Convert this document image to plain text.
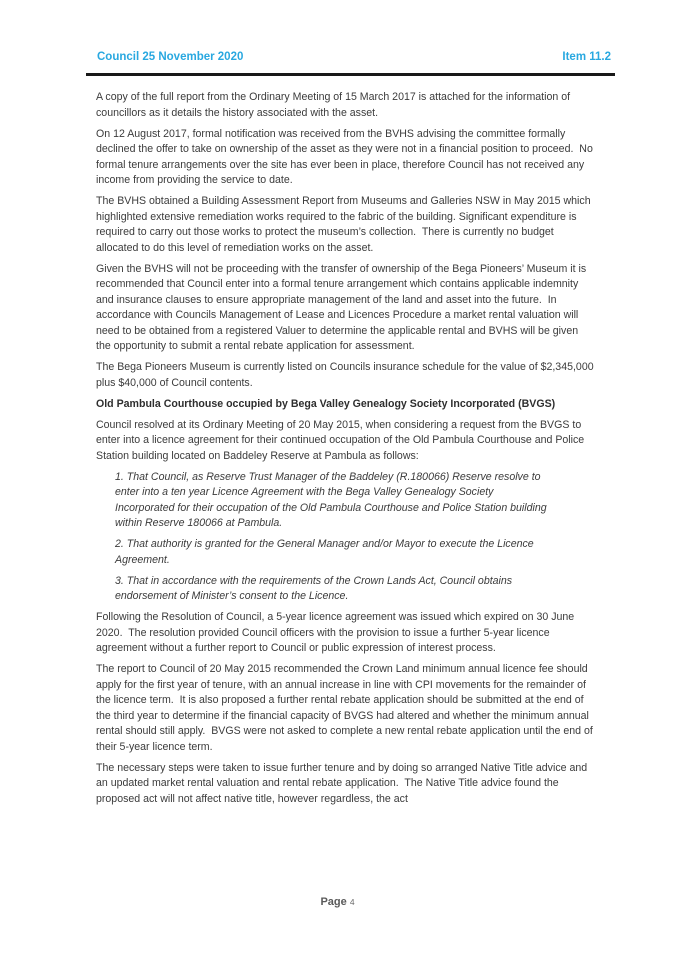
Council 25 November 2020	Item 11.2

A copy of the full report from the Ordinary Meeting of 15 March 2017 is attached for the information of councillors as it details the history associated with the asset.

On 12 August 2017, formal notification was received from the BVHS advising the committee formally declined the offer to take on ownership of the asset as they were not in a financial position to proceed.  No formal tenure arrangements over the site has ever been in place, therefore Council has not received any income from providing the service to date.

The BVHS obtained a Building Assessment Report from Museums and Galleries NSW in May 2015 which highlighted extensive remediation works required to the fabric of the building. Significant expenditure is required to carry out those works to protect the museum’s collection.  There is currently no budget allocated to do this level of remediation works on the asset.

Given the BVHS will not be proceeding with the transfer of ownership of the Bega Pioneers’ Museum it is recommended that Council enter into a formal tenure arrangement which contains applicable indemnity and insurance clauses to ensure appropriate management of the land and asset into the future.  In accordance with Councils Management of Lease and Licences Procedure a market rental valuation will need to be obtained from a registered Valuer to determine the applicable rental and BVHS will be given the opportunity to submit a rental rebate application for assessment.

The Bega Pioneers Museum is currently listed on Councils insurance schedule for the value of $2,345,000 plus $40,000 of Council contents.

Old Pambula Courthouse occupied by Bega Valley Genealogy Society Incorporated (BVGS)

Council resolved at its Ordinary Meeting of 20 May 2015, when considering a request from the BVGS to enter into a licence agreement for their continued occupation of the Old Pambula Courthouse and Police Station building located on Baddeley Reserve at Pambula as follows:

1. That Council, as Reserve Trust Manager of the Baddeley (R.180066) Reserve resolve to enter into a ten year Licence Agreement with the Bega Valley Genealogy Society Incorporated for their occupation of the Old Pambula Courthouse and Police Station building within Reserve 180066 at Pambula.

2. That authority is granted for the General Manager and/or Mayor to execute the Licence Agreement.

3. That in accordance with the requirements of the Crown Lands Act, Council obtains endorsement of Minister’s consent to the Licence.

Following the Resolution of Council, a 5-year licence agreement was issued which expired on 30 June 2020.  The resolution provided Council officers with the provision to issue a further 5-year licence agreement without a further report to Council or public expression of interest process.

The report to Council of 20 May 2015 recommended the Crown Land minimum annual licence fee should apply for the first year of tenure, with an annual increase in line with CPI movements for the remainder of the licence term.  It is also proposed a further rental rebate application should be submitted at the end of the third year to determine if the financial capacity of BVGS had altered and whether the minimum annual rental should still apply.  BVGS were not asked to complete a new rental rebate application until the end of their 5-year licence term.

The necessary steps were taken to issue further tenure and by doing so arranged Native Title advice and an updated market rental valuation and rental rebate application.  The Native Title advice found the proposed act will not affect native title, however regardless, the act

Page 4
